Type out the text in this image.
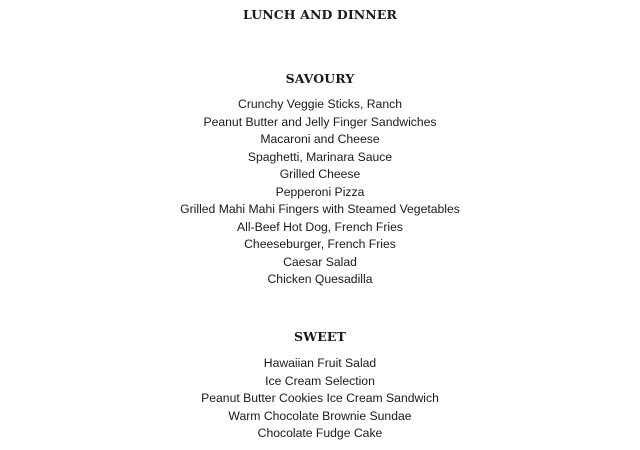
LUNCH AND DINNER
SAVOURY
Crunchy Veggie Sticks, Ranch
Peanut Butter and Jelly Finger Sandwiches
Macaroni and Cheese
Spaghetti, Marinara Sauce
Grilled Cheese
Pepperoni Pizza
Grilled Mahi Mahi Fingers with Steamed Vegetables
All-Beef Hot Dog, French Fries
Cheeseburger, French Fries
Caesar Salad
Chicken Quesadilla
SWEET
Hawaiian Fruit Salad
Ice Cream Selection
Peanut Butter Cookies Ice Cream Sandwich
Warm Chocolate Brownie Sundae
Chocolate Fudge Cake
